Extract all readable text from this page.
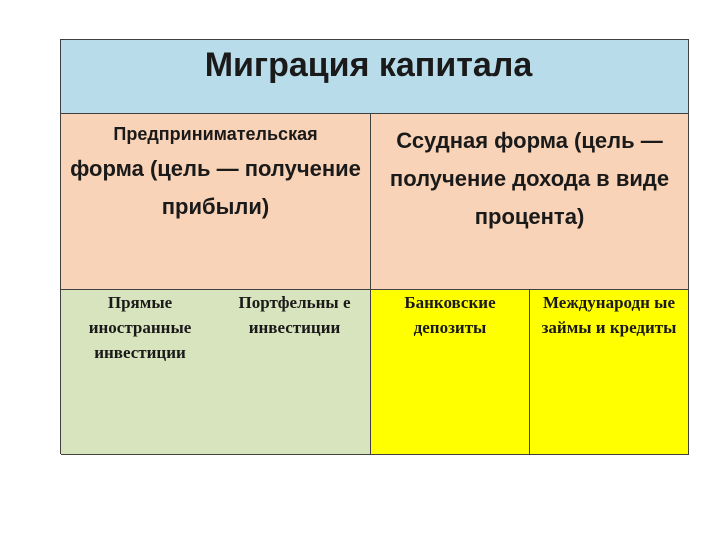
Миграция капитала
Предпринимательская
форма (цель — получение прибыли)
Ссудная форма (цель — получение дохода в виде процента)
Прямые иностранные инвестиции
Портфельны е инвестиции
Банковские депозиты
Международн ые займы и кредиты
